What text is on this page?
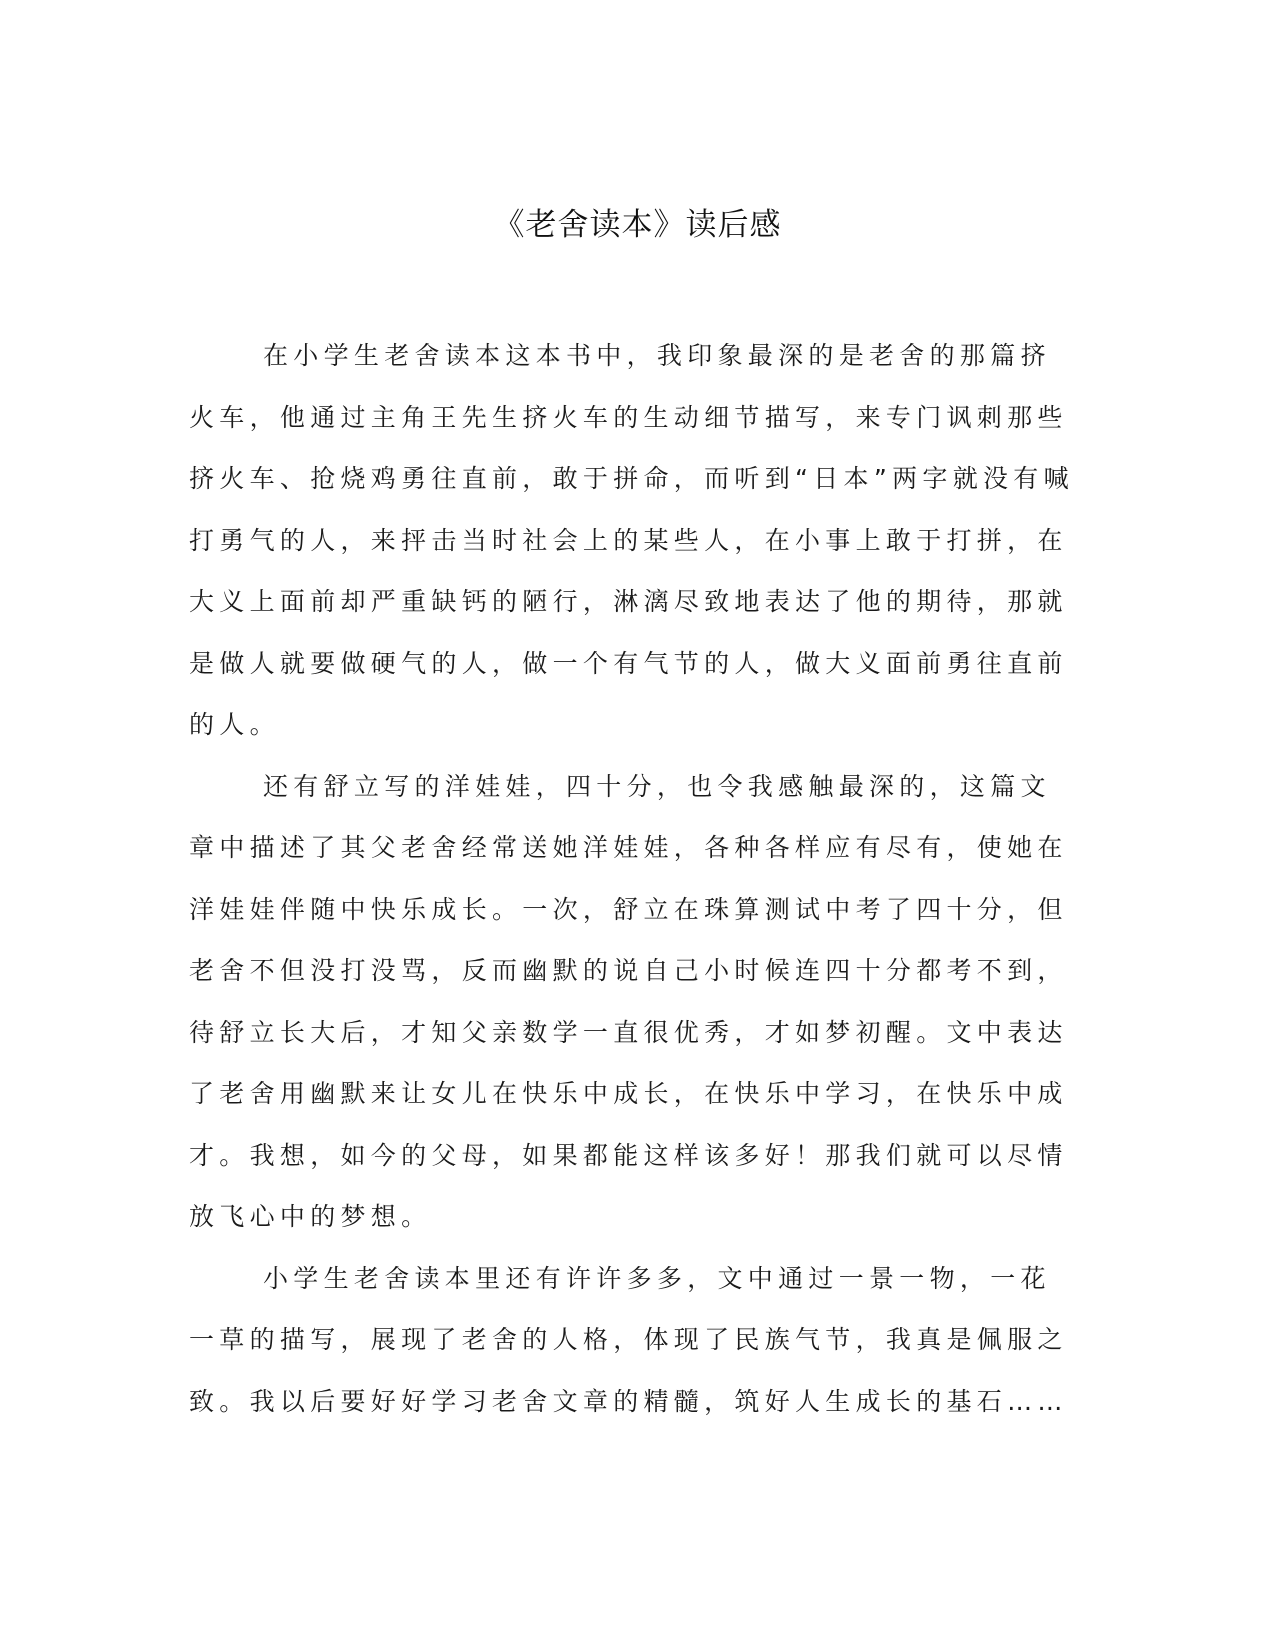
《老舍读本》读后感

在小学生老舍读本这本书中，我印象最深的是老舍的那篇挤火车，他通过主角王先生挤火车的生动细节描写，来专门讽刺那些挤火车、抢烧鸡勇往直前，敢于拼命，而听到“日本”两字就没有喊打勇气的人，来抨击当时社会上的某些人，在小事上敢于打拼，在大义上面前却严重缺钙的陋行，淋漓尽致地表达了他的期待，那就是做人就要做硬气的人，做一个有气节的人，做大义面前勇往直前的人。

还有舒立写的洋娃娃，四十分，也令我感触最深的，这篇文章中描述了其父老舍经常送她洋娃娃，各种各样应有尽有，使她在洋娃娃伴随中快乐成长。一次，舒立在珠算测试中考了四十分，但老舍不但没打没骂，反而幽默的说自己小时候连四十分都考不到，待舒立长大后，才知父亲数学一直很优秀，才如梦初醒。文中表达了老舍用幽默来让女儿在快乐中成长，在快乐中学习，在快乐中成才。我想，如今的父母，如果都能这样该多好！那我们就可以尽情放飞心中的梦想。

小学生老舍读本里还有许许多多，文中通过一景一物，一花一草的描写，展现了老舍的人格，体现了民族气节，我真是佩服之致。我以后要好好学习老舍文章的精髓，筑好人生成长的基石……
